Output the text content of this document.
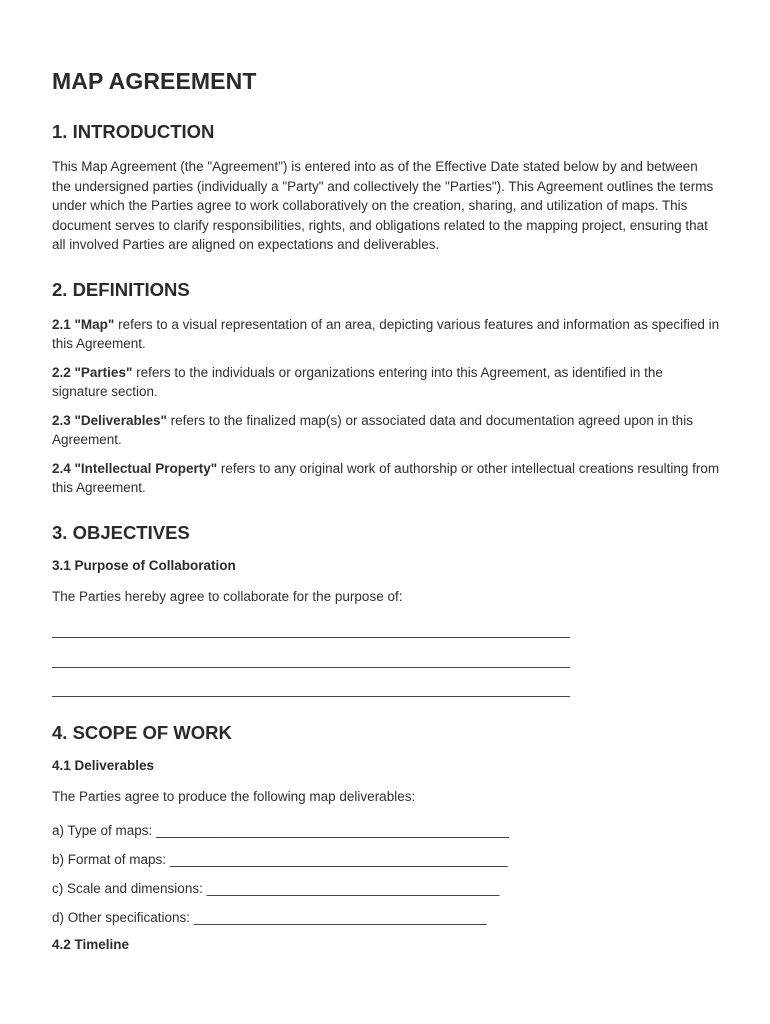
MAP AGREEMENT
1. INTRODUCTION

This Map Agreement (the "Agreement") is entered into as of the Effective Date stated below by and between the undersigned parties (individually a "Party" and collectively the "Parties"). This Agreement outlines the terms under which the Parties agree to work collaboratively on the creation, sharing, and utilization of maps. This document serves to clarify responsibilities, rights, and obligations related to the mapping project, ensuring that all involved Parties are aligned on expectations and deliverables.

2. DEFINITIONS

2.1 "Map" refers to a visual representation of an area, depicting various features and information as specified in this Agreement.

2.2 "Parties" refers to the individuals or organizations entering into this Agreement, as identified in the signature section.

2.3 "Deliverables" refers to the finalized map(s) or associated data and documentation agreed upon in this Agreement.

2.4 "Intellectual Property" refers to any original work of authorship or other intellectual creations resulting from this Agreement.

3. OBJECTIVES
3.1 Purpose of Collaboration

The Parties hereby agree to collaborate for the purpose of:

_____________________________________________________________________
_____________________________________________________________________
_____________________________________________________________________
4. SCOPE OF WORK
4.1 Deliverables

The Parties agree to produce the following map deliverables:

a) Type of maps: _______________________________________________
b) Format of maps: _____________________________________________
c) Scale and dimensions: _______________________________________
d) Other specifications: _______________________________________
4.2 Timeline
